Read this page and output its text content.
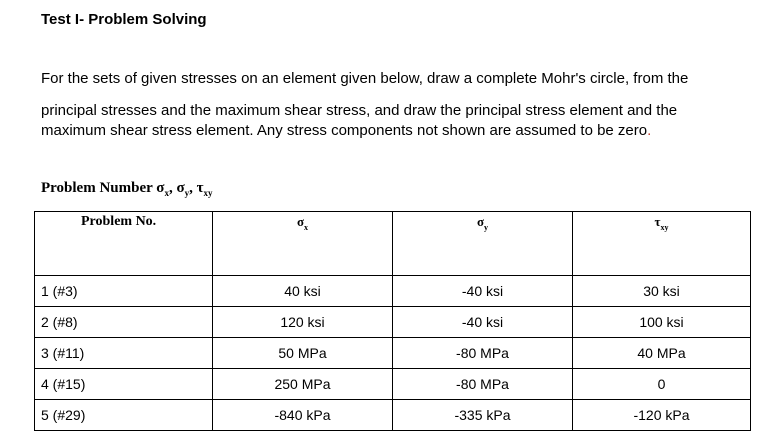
Test I- Problem Solving
For the sets of given stresses on an element given below, draw a complete Mohr's circle, from the
principal stresses and the maximum shear stress, and draw the principal stress element and the
maximum shear stress element. Any stress components not shown are assumed to be zero.
Problem Number $\sigma_x$, $\sigma_y$, $\tau_{xy}$
Problem No.	$\sigma_x$	$\sigma_y$	$\tau_{xy}$
1 (#3)	40 ksi	-40 ksi	30 ksi
2 (#8)	120 ksi	-40 ksi	100 ksi
3 (#11)	50 MPa	-80 MPa	40 MPa
4 (#15)	250 MPa	-80 MPa	0
5 (#29)	-840 kPa	-335 kPa	-120 kPa
